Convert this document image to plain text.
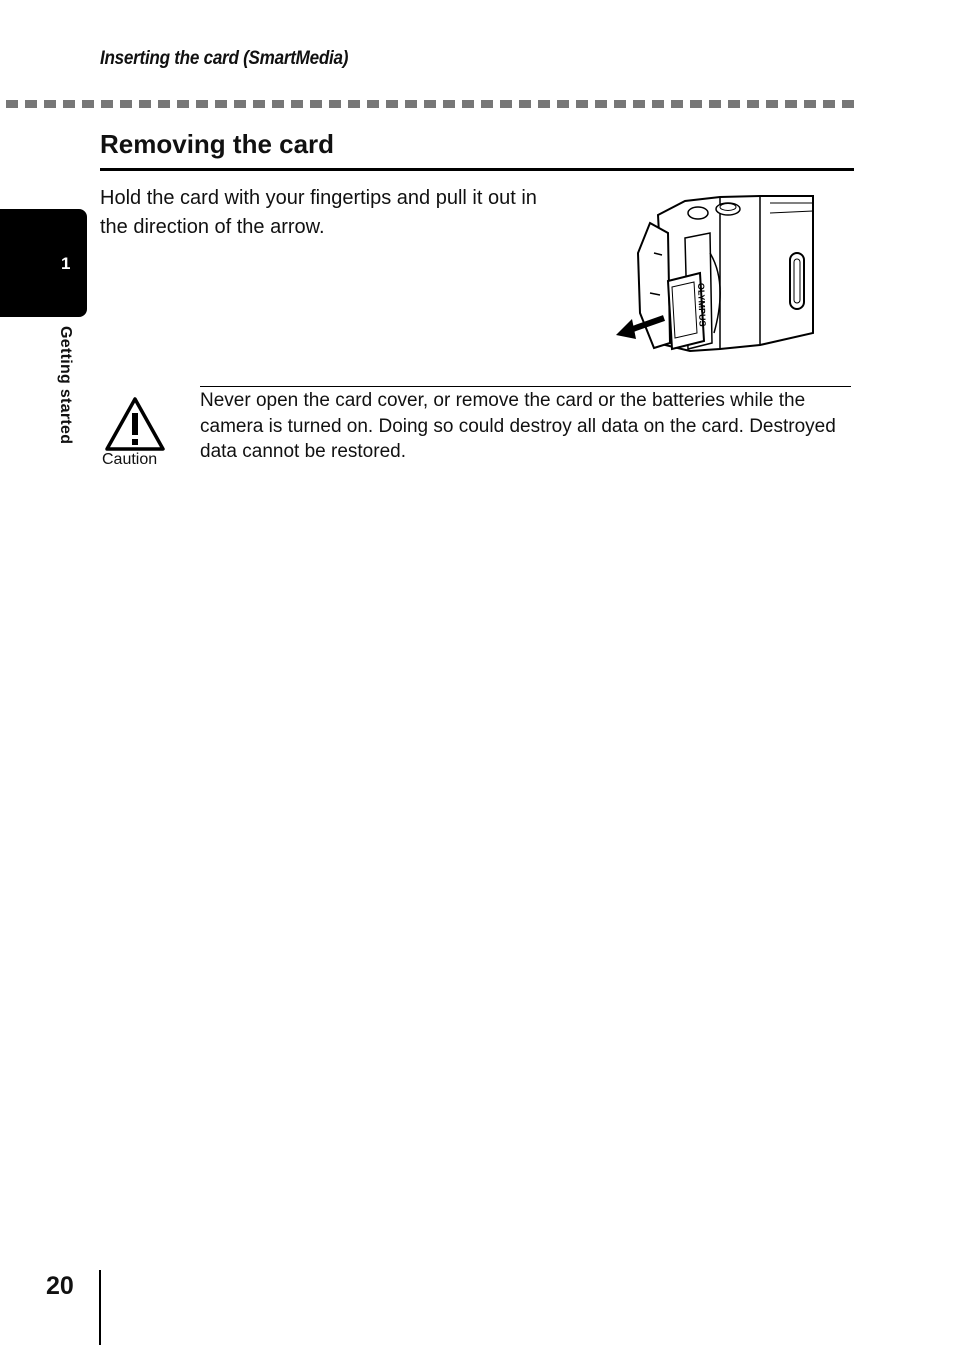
Inserting the card (SmartMedia)
Removing the card
1
Getting started
Hold the card with your fingertips and pull it out in the direction of the arrow.
OLYMPUS
Caution
Never open the card cover, or remove the card or the batteries while the camera is turned on. Doing so could destroy all data on the card. Destroyed data cannot be restored.
20
